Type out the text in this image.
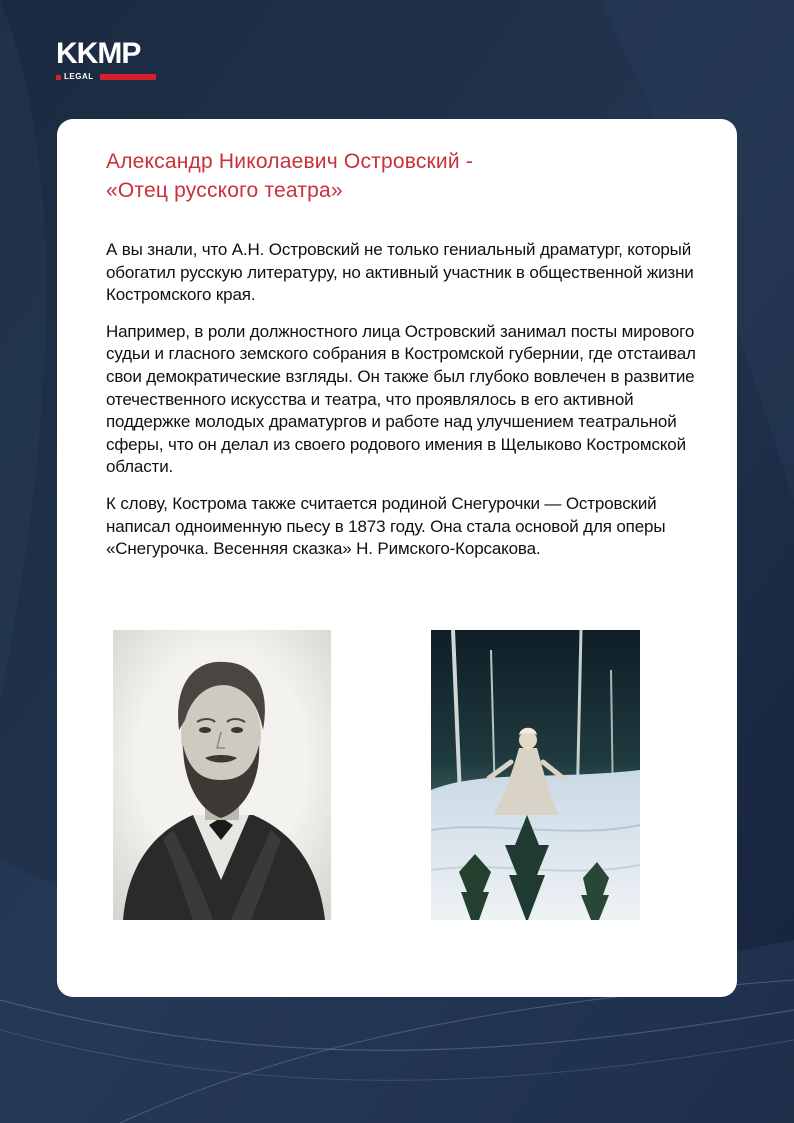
KKMP
LEGAL
Александр Николаевич Островский -
«Отец русского театра»

А вы знали, что А.Н. Островский не только гениальный драматург, который обогатил русскую литературу, но активный участник в общественной жизни Костромского края.

Например, в роли должностного лица Островский занимал посты мирового судьи и гласного земского собрания в Костромской губернии, где отстаивал свои демократические взгляды. Он также был глубоко вовлечен в развитие отечественного искусства и театра, что проявлялось в его активной поддержке молодых драматургов и работе над улучшением театральной сферы, что он делал из своего родового имения в Щелыково Костромской области.

К слову, Кострома также считается родиной Снегурочки — Островский написал одноименную пьесу в 1873 году. Она стала основой для оперы «Снегурочка. Весенняя сказка» Н. Римского-Корсакова.
